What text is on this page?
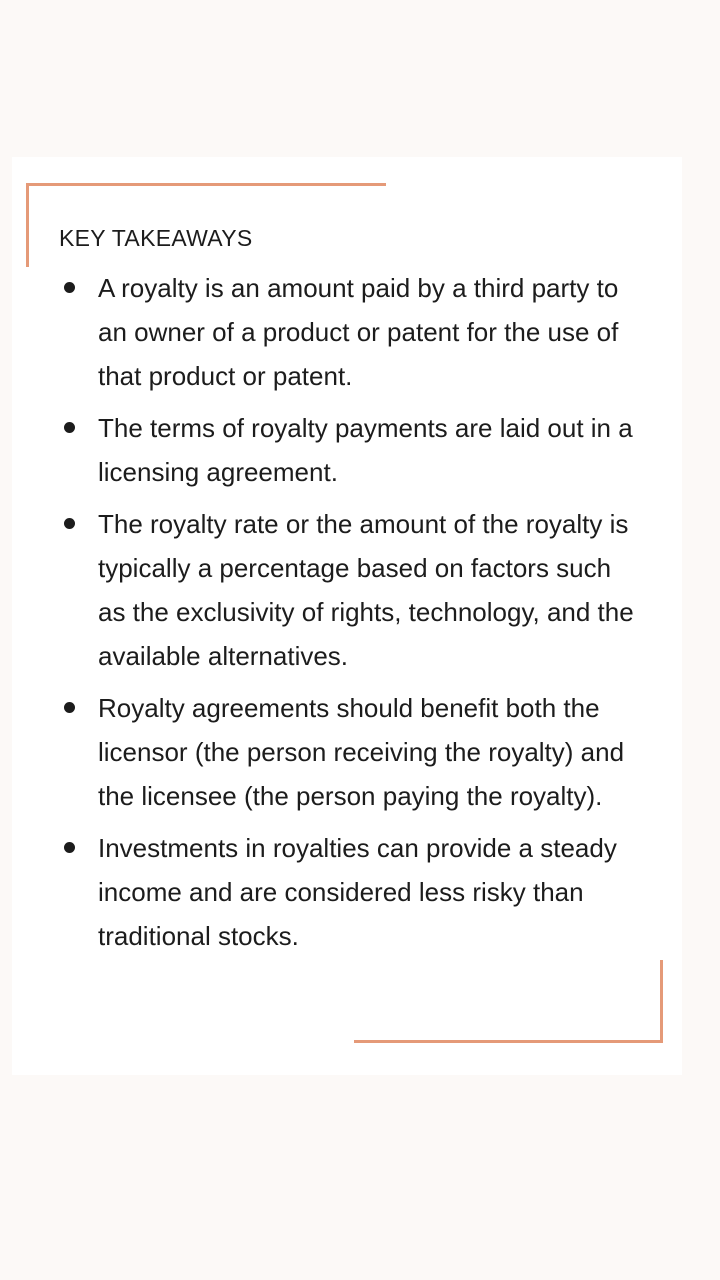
KEY TAKEAWAYS
A royalty is an amount paid by a third party to an owner of a product or patent for the use of that product or patent.
The terms of royalty payments are laid out in a licensing agreement.
The royalty rate or the amount of the royalty is typically a percentage based on factors such as the exclusivity of rights, technology, and the available alternatives.
Royalty agreements should benefit both the licensor (the person receiving the royalty) and the licensee (the person paying the royalty).
Investments in royalties can provide a steady income and are considered less risky than traditional stocks.
